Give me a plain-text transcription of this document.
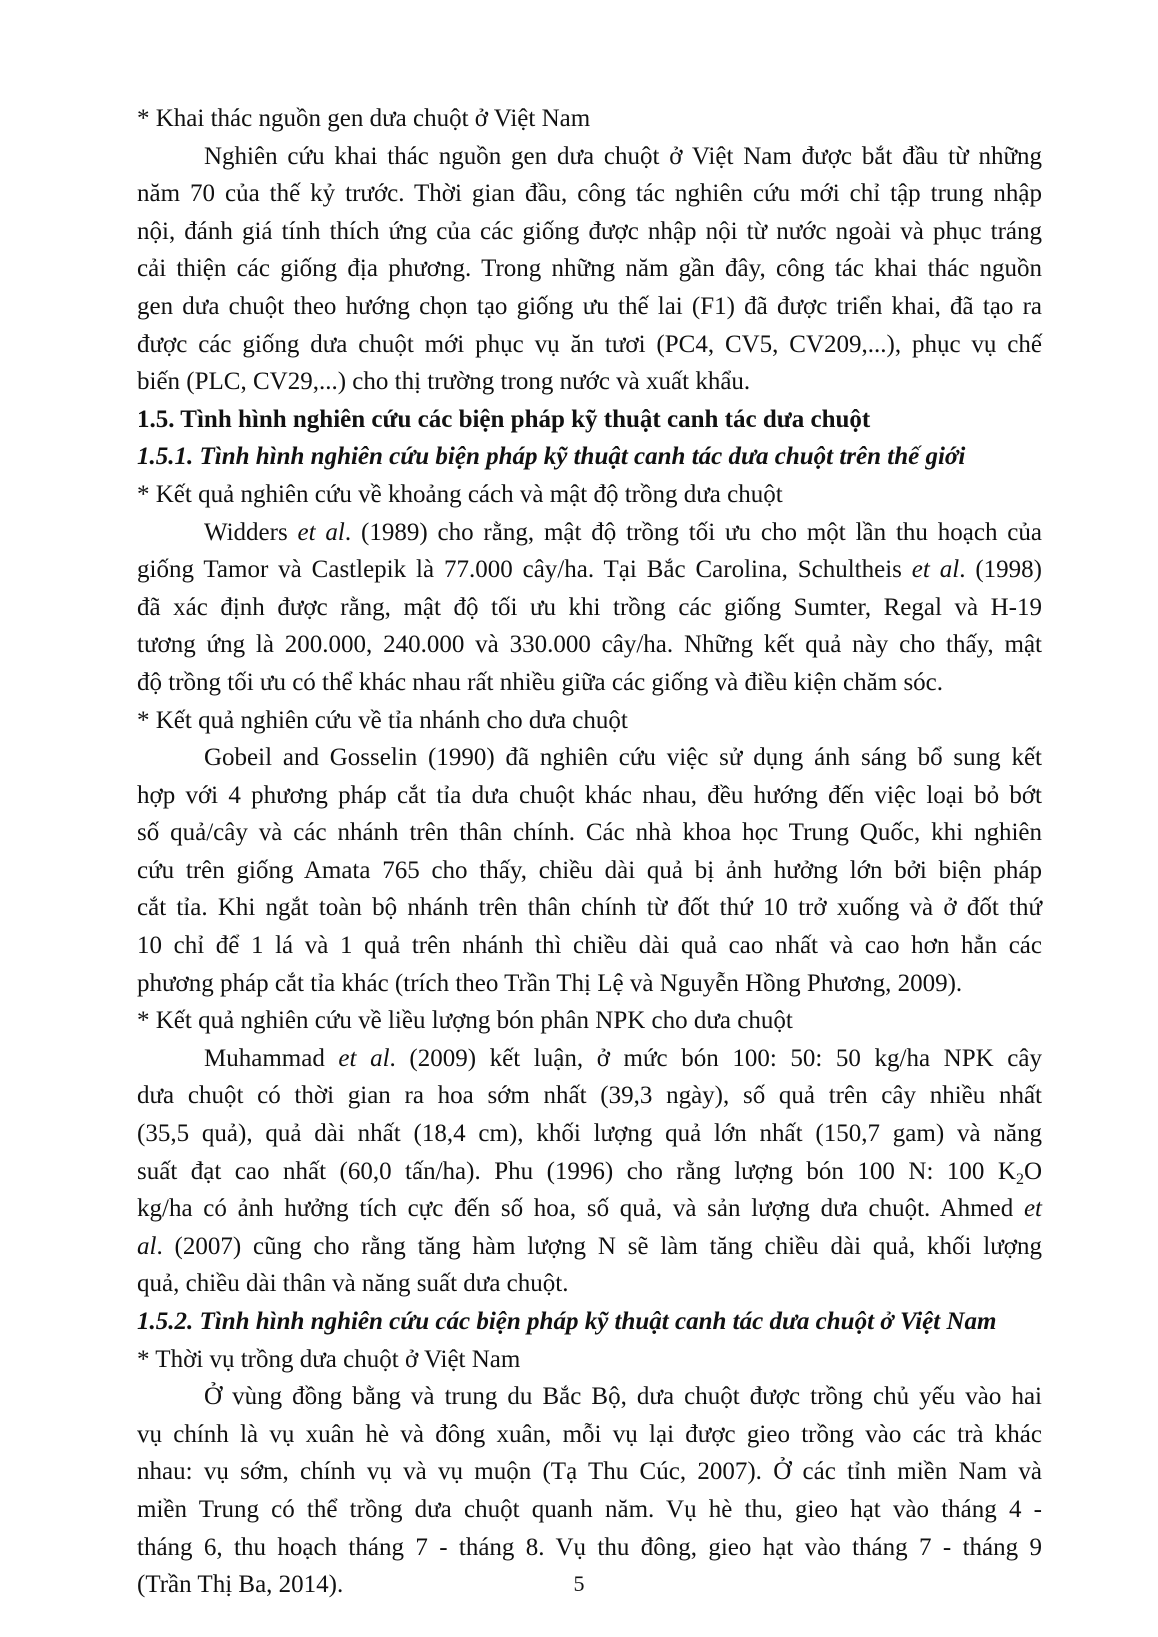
* Khai thác nguồn gen dưa chuột ở Việt Nam
Nghiên cứu khai thác nguồn gen dưa chuột ở Việt Nam được bắt đầu từ những
năm 70 của thế kỷ trước. Thời gian đầu, công tác nghiên cứu mới chỉ tập trung nhập
nội, đánh giá tính thích ứng của các giống được nhập nội từ nước ngoài và phục tráng
cải thiện các giống địa phương. Trong những năm gần đây, công tác khai thác nguồn
gen dưa chuột theo hướng chọn tạo giống ưu thế lai (F1) đã được triển khai, đã tạo ra
được các giống dưa chuột mới phục vụ ăn tươi (PC4, CV5, CV209,...), phục vụ chế
biến (PLC, CV29,...) cho thị trường trong nước và xuất khẩu.
1.5. Tình hình nghiên cứu các biện pháp kỹ thuật canh tác dưa chuột
1.5.1. Tình hình nghiên cứu biện pháp kỹ thuật canh tác dưa chuột trên thế giới
* Kết quả nghiên cứu về khoảng cách và mật độ trồng dưa chuột
Widders et al. (1989) cho rằng, mật độ trồng tối ưu cho một lần thu hoạch của
giống Tamor và Castlepik là 77.000 cây/ha. Tại Bắc Carolina, Schultheis et al. (1998)
đã xác định được rằng, mật độ tối ưu khi trồng các giống Sumter, Regal và H-19
tương ứng là 200.000, 240.000 và 330.000 cây/ha. Những kết quả này cho thấy, mật
độ trồng tối ưu có thể khác nhau rất nhiều giữa các giống và điều kiện chăm sóc.
* Kết quả nghiên cứu về tỉa nhánh cho dưa chuột
Gobeil and Gosselin (1990) đã nghiên cứu việc sử dụng ánh sáng bổ sung kết
hợp với 4 phương pháp cắt tỉa dưa chuột khác nhau, đều hướng đến việc loại bỏ bớt
số quả/cây và các nhánh trên thân chính. Các nhà khoa học Trung Quốc, khi nghiên
cứu trên giống Amata 765 cho thấy, chiều dài quả bị ảnh hưởng lớn bởi biện pháp
cắt tỉa. Khi ngắt toàn bộ nhánh trên thân chính từ đốt thứ 10 trở xuống và ở đốt thứ
10 chỉ để 1 lá và 1 quả trên nhánh thì chiều dài quả cao nhất và cao hơn hẳn các
phương pháp cắt tỉa khác (trích theo Trần Thị Lệ và Nguyễn Hồng Phương, 2009).
* Kết quả nghiên cứu về liều lượng bón phân NPK cho dưa chuột
Muhammad et al. (2009) kết luận, ở mức bón 100: 50: 50 kg/ha NPK cây
dưa chuột có thời gian ra hoa sớm nhất (39,3 ngày), số quả trên cây nhiều nhất
(35,5 quả), quả dài nhất (18,4 cm), khối lượng quả lớn nhất (150,7 gam) và năng
suất đạt cao nhất (60,0 tấn/ha). Phu (1996) cho rằng lượng bón 100 N: 100 $K_2O$
kg/ha có ảnh hưởng tích cực đến số hoa, số quả, và sản lượng dưa chuột. Ahmed et
al. (2007) cũng cho rằng tăng hàm lượng N sẽ làm tăng chiều dài quả, khối lượng
quả, chiều dài thân và năng suất dưa chuột.
1.5.2. Tình hình nghiên cứu các biện pháp kỹ thuật canh tác dưa chuột ở Việt Nam
* Thời vụ trồng dưa chuột ở Việt Nam
Ở vùng đồng bằng và trung du Bắc Bộ, dưa chuột được trồng chủ yếu vào hai
vụ chính là vụ xuân hè và đông xuân, mỗi vụ lại được gieo trồng vào các trà khác
nhau: vụ sớm, chính vụ và vụ muộn (Tạ Thu Cúc, 2007). Ở các tỉnh miền Nam và
miền Trung có thể trồng dưa chuột quanh năm. Vụ hè thu, gieo hạt vào tháng 4 -
tháng 6, thu hoạch tháng 7 - tháng 8. Vụ thu đông, gieo hạt vào tháng 7 - tháng 9
(Trần Thị Ba, 2014).	5
